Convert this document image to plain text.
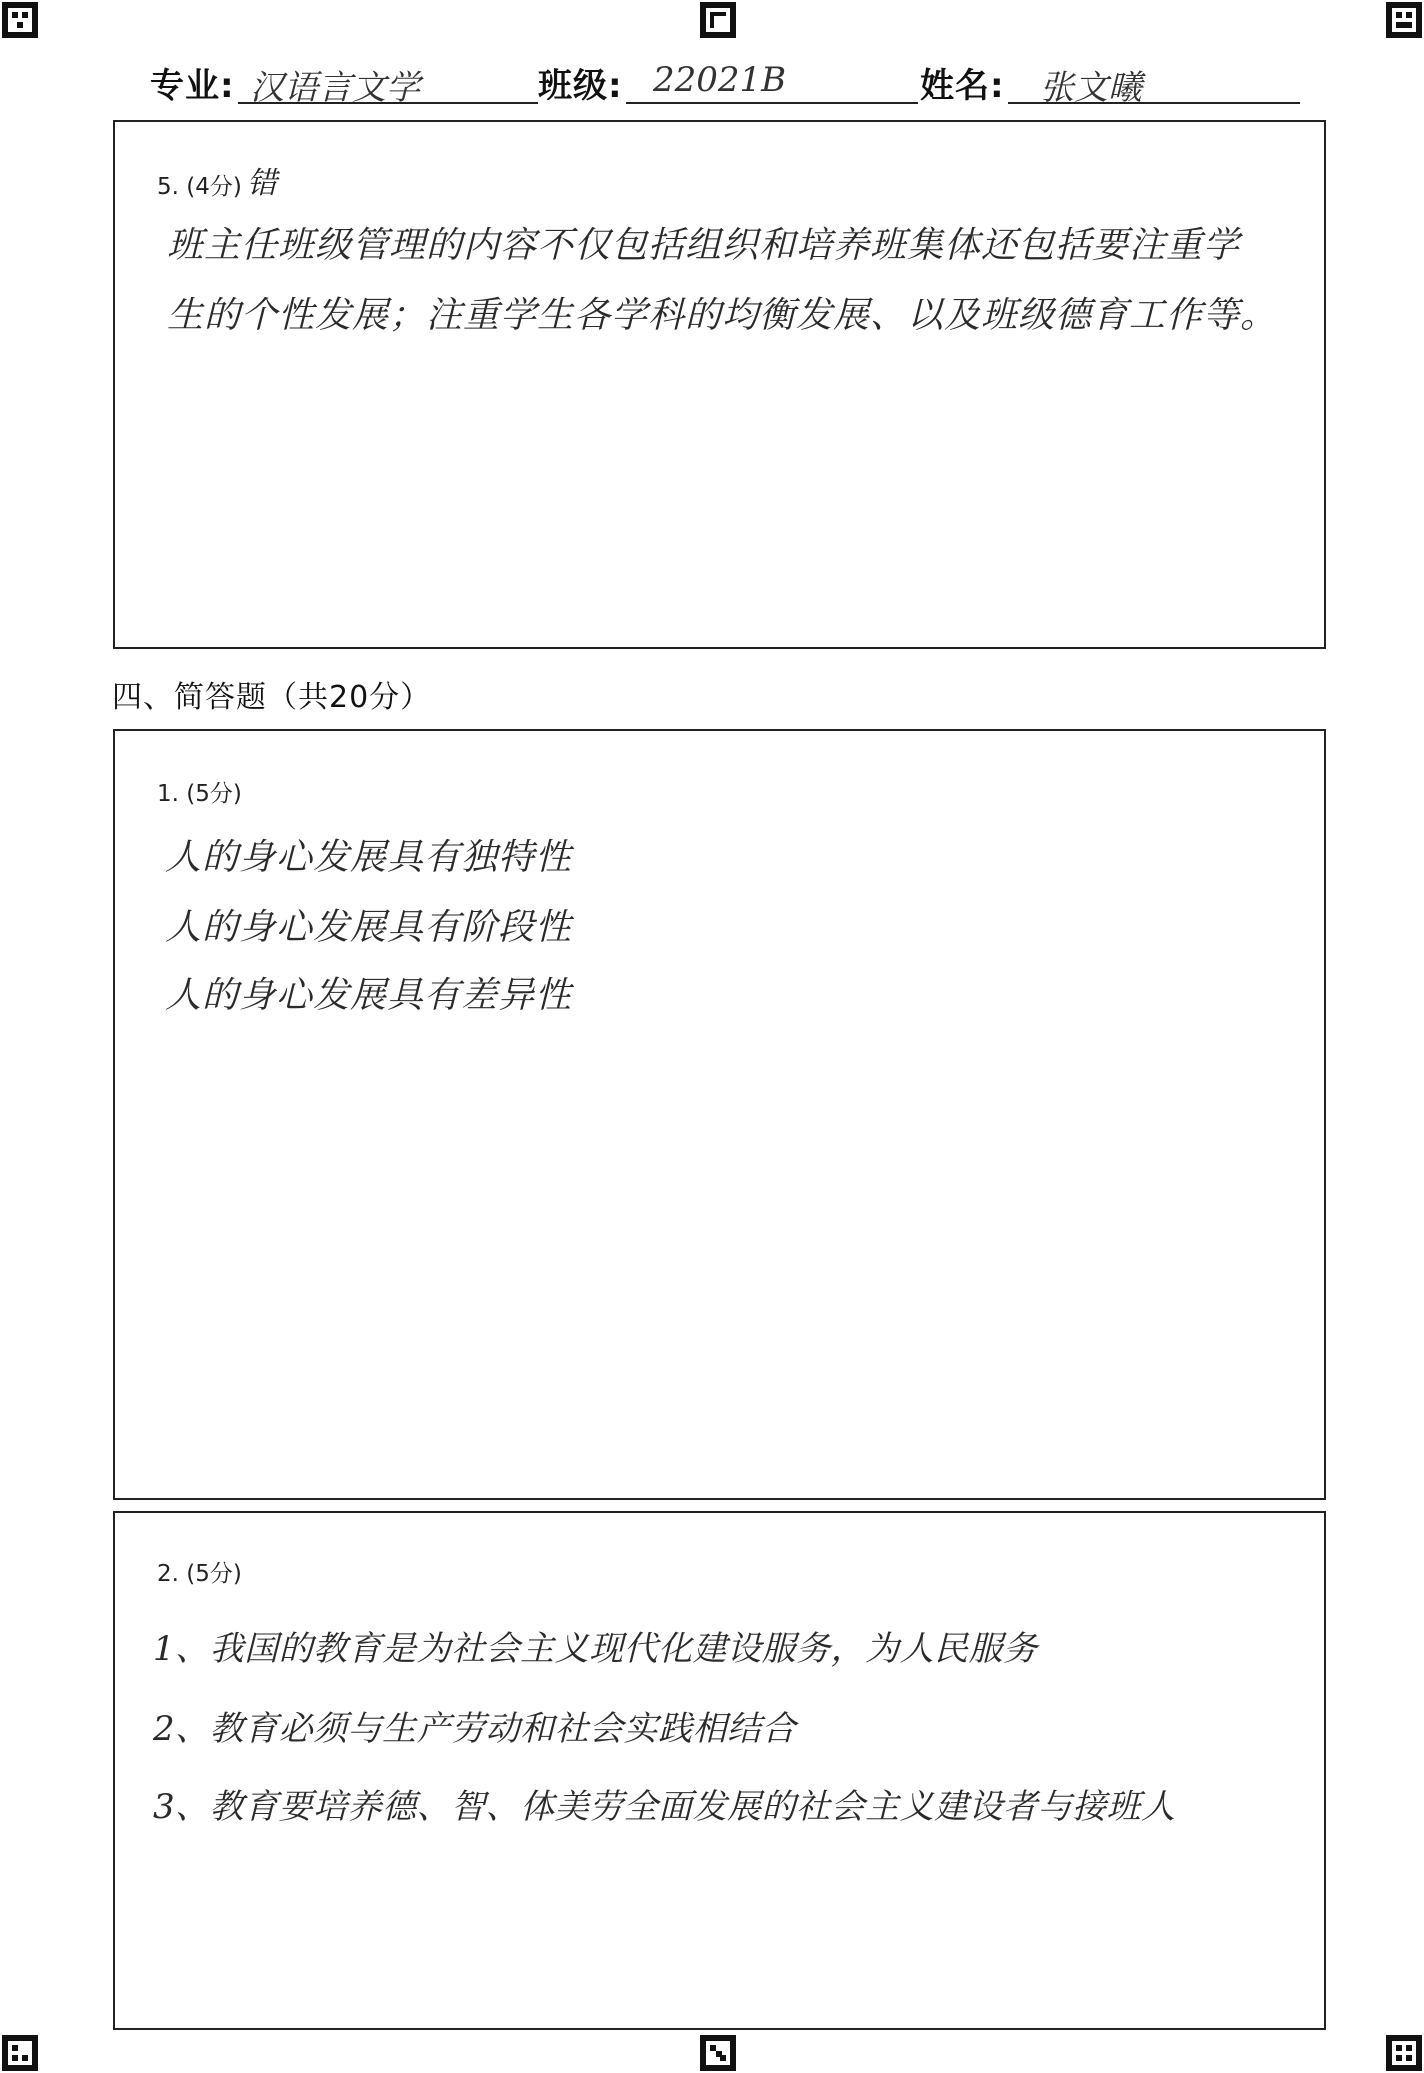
专业: 汉语言文学	班级: 22021B	姓名: 张文曦
5. (4分) 错
班主任班级管理的内容不仅包括组织和培养班集体还包括要注重学
生的个性发展；注重学生各学科的均衡发展、以及班级德育工作等。
四、简答题（共20分）
1. (5分)
人的身心发展具有独特性
人的身心发展具有阶段性
人的身心发展具有差异性
2. (5分)
1、我国的教育是为社会主义现代化建设服务，为人民服务
2、教育必须与生产劳动和社会实践相结合
3、教育要培养德、智、体美劳全面发展的社会主义建设者与接班人
